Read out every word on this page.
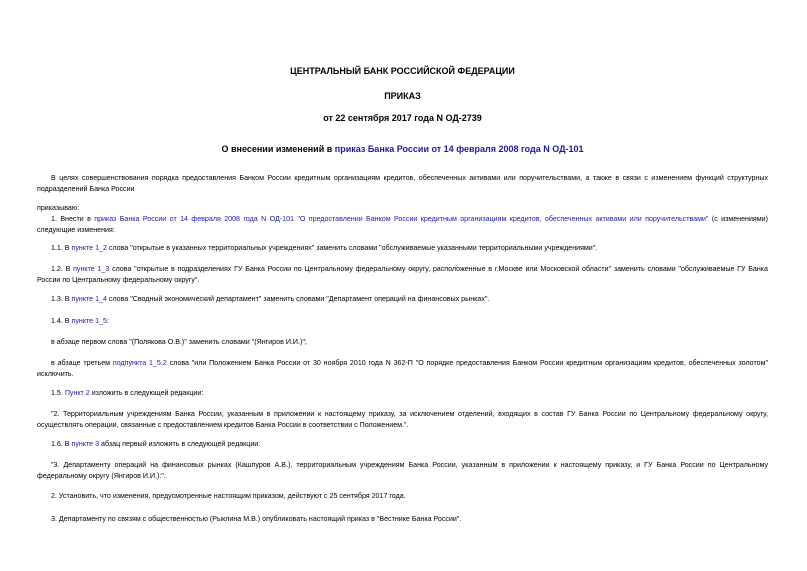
ЦЕНТРАЛЬНЫЙ БАНК РОССИЙСКОЙ ФЕДЕРАЦИИ
ПРИКАЗ
от 22 сентября 2017 года N ОД-2739
О внесении изменений в приказ Банка России от 14 февраля 2008 года N ОД-101
В целях совершенствования порядка предоставления Банком России кредитным организациям кредитов, обеспеченных активами или поручительствами, а также в связи с изменением функций структурных подразделений Банка России
приказываю:
1. Внести в приказ Банка России от 14 февраля 2008 года N ОД-101 "О предоставлении Банком России кредитным организациям кредитов, обеспеченных активами или поручительствами" (с изменениями) следующие изменения:
1.1. В пункте 1_2 слова "открытые в указанных территориальных учреждениях" заменить словами "обслуживаемые указанными территориальными учреждениями".
1.2. В пункте 1_3 слова "открытые в подразделениях ГУ Банка России по Центральному федеральному округу, расположенные в г.Москве или Московской области" заменить словами "обслуживаемые ГУ Банка России по Центральному федеральному округу".
1.3. В пункте 1_4 слова "Сводный экономический департамент" заменить словами "Департамент операций на финансовых рынках".
1.4. В пункте 1_5:
в абзаце первом слова "(Полякова О.В.)" заменить словами "(Янгиров И.И.)";
в абзаце третьем подпункта 1_5.2 слова "или Положением Банка России от 30 ноября 2010 года N 362-П "О порядке предоставления Банком России кредитным организациям кредитов, обеспеченных золотом" исключить.
1.5. Пункт 2 изложить в следующей редакции:
"2. Территориальным учреждениям Банка России, указанным в приложении к настоящему приказу, за исключением отделений, входящих в состав ГУ Банка России по Центральному федеральному округу, осуществлять операции, связанные с предоставлением кредитов Банка России в соответствии с Положением.".
1.6. В пункте 3 абзац первый изложить в следующей редакции:
"3. Департаменту операций на финансовых рынках (Кашпуров А.В.), территориальным учреждениям Банка России, указанным в приложении к настоящему приказу, и ГУ Банка России по Центральному федеральному округу (Янгиров И.И.):".
2. Установить, что изменения, предусмотренные настоящим приказом, действуют с 25 сентября 2017 года.
3. Департаменту по связям с общественностью (Рыклина М.В.) опубликовать настоящий приказ в "Вестнике Банка России".
